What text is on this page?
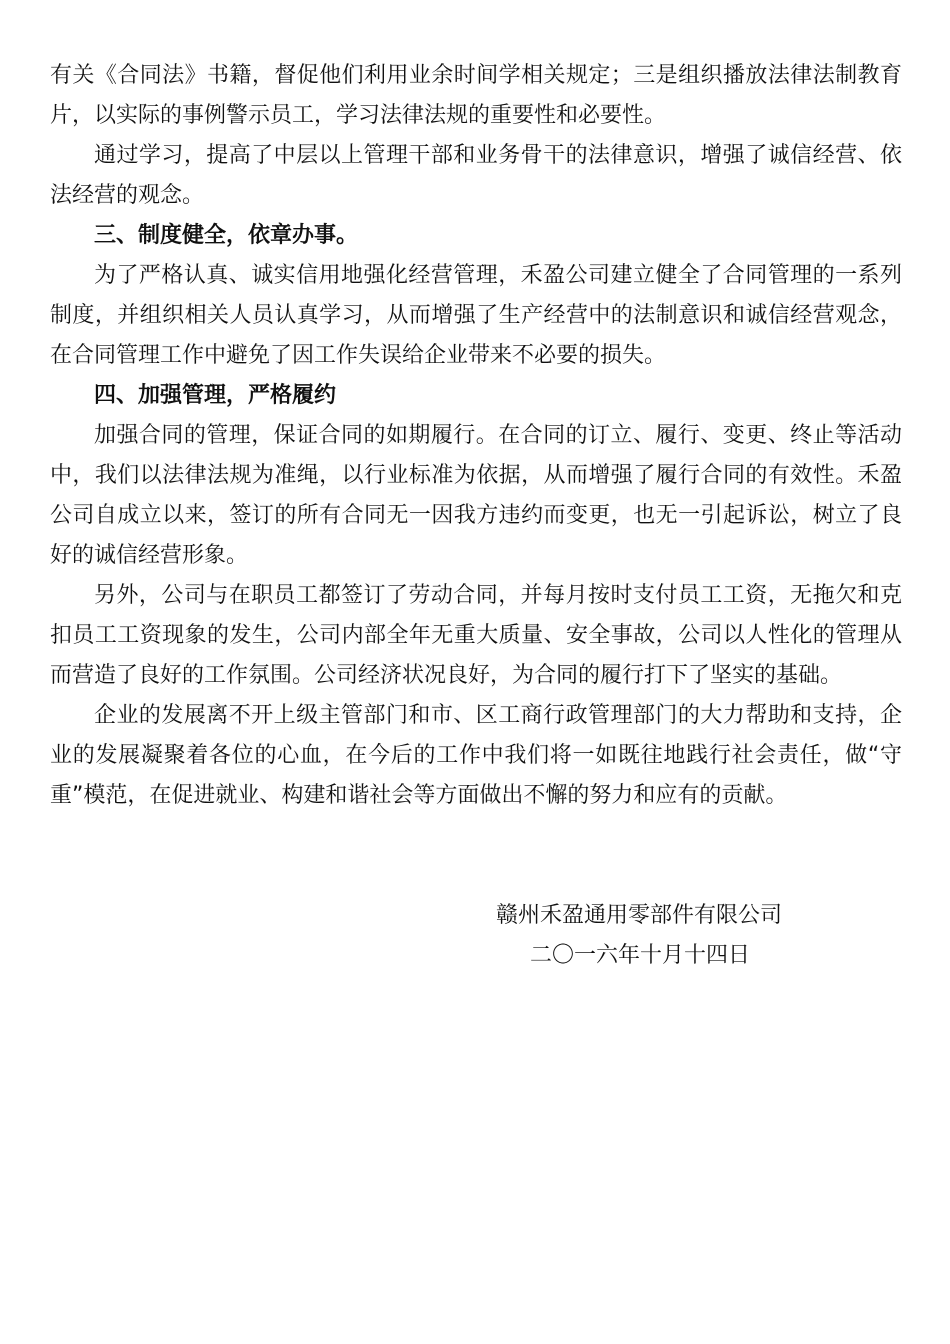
有关《合同法》书籍，督促他们利用业余时间学相关规定；三是组织播放法律法制教育片，以实际的事例警示员工，学习法律法规的重要性和必要性。

通过学习，提高了中层以上管理干部和业务骨干的法律意识，增强了诚信经营、依法经营的观念。

三、制度健全，依章办事。

为了严格认真、诚实信用地强化经营管理，禾盈公司建立健全了合同管理的一系列制度，并组织相关人员认真学习，从而增强了生产经营中的法制意识和诚信经营观念，在合同管理工作中避免了因工作失误给企业带来不必要的损失。

四、加强管理，严格履约

加强合同的管理，保证合同的如期履行。在合同的订立、履行、变更、终止等活动中，我们以法律法规为准绳，以行业标准为依据，从而增强了履行合同的有效性。禾盈公司自成立以来，签订的所有合同无一因我方违约而变更，也无一引起诉讼，树立了良好的诚信经营形象。

另外，公司与在职员工都签订了劳动合同，并每月按时支付员工工资，无拖欠和克扣员工工资现象的发生，公司内部全年无重大质量、安全事故，公司以人性化的管理从而营造了良好的工作氛围。公司经济状况良好，为合同的履行打下了坚实的基础。

企业的发展离不开上级主管部门和市、区工商行政管理部门的大力帮助和支持，企业的发展凝聚着各位的心血，在今后的工作中我们将一如既往地践行社会责任，做“守重”模范，在促进就业、构建和谐社会等方面做出不懈的努力和应有的贡献。

赣州禾盈通用零部件有限公司

二〇一六年十月十四日
